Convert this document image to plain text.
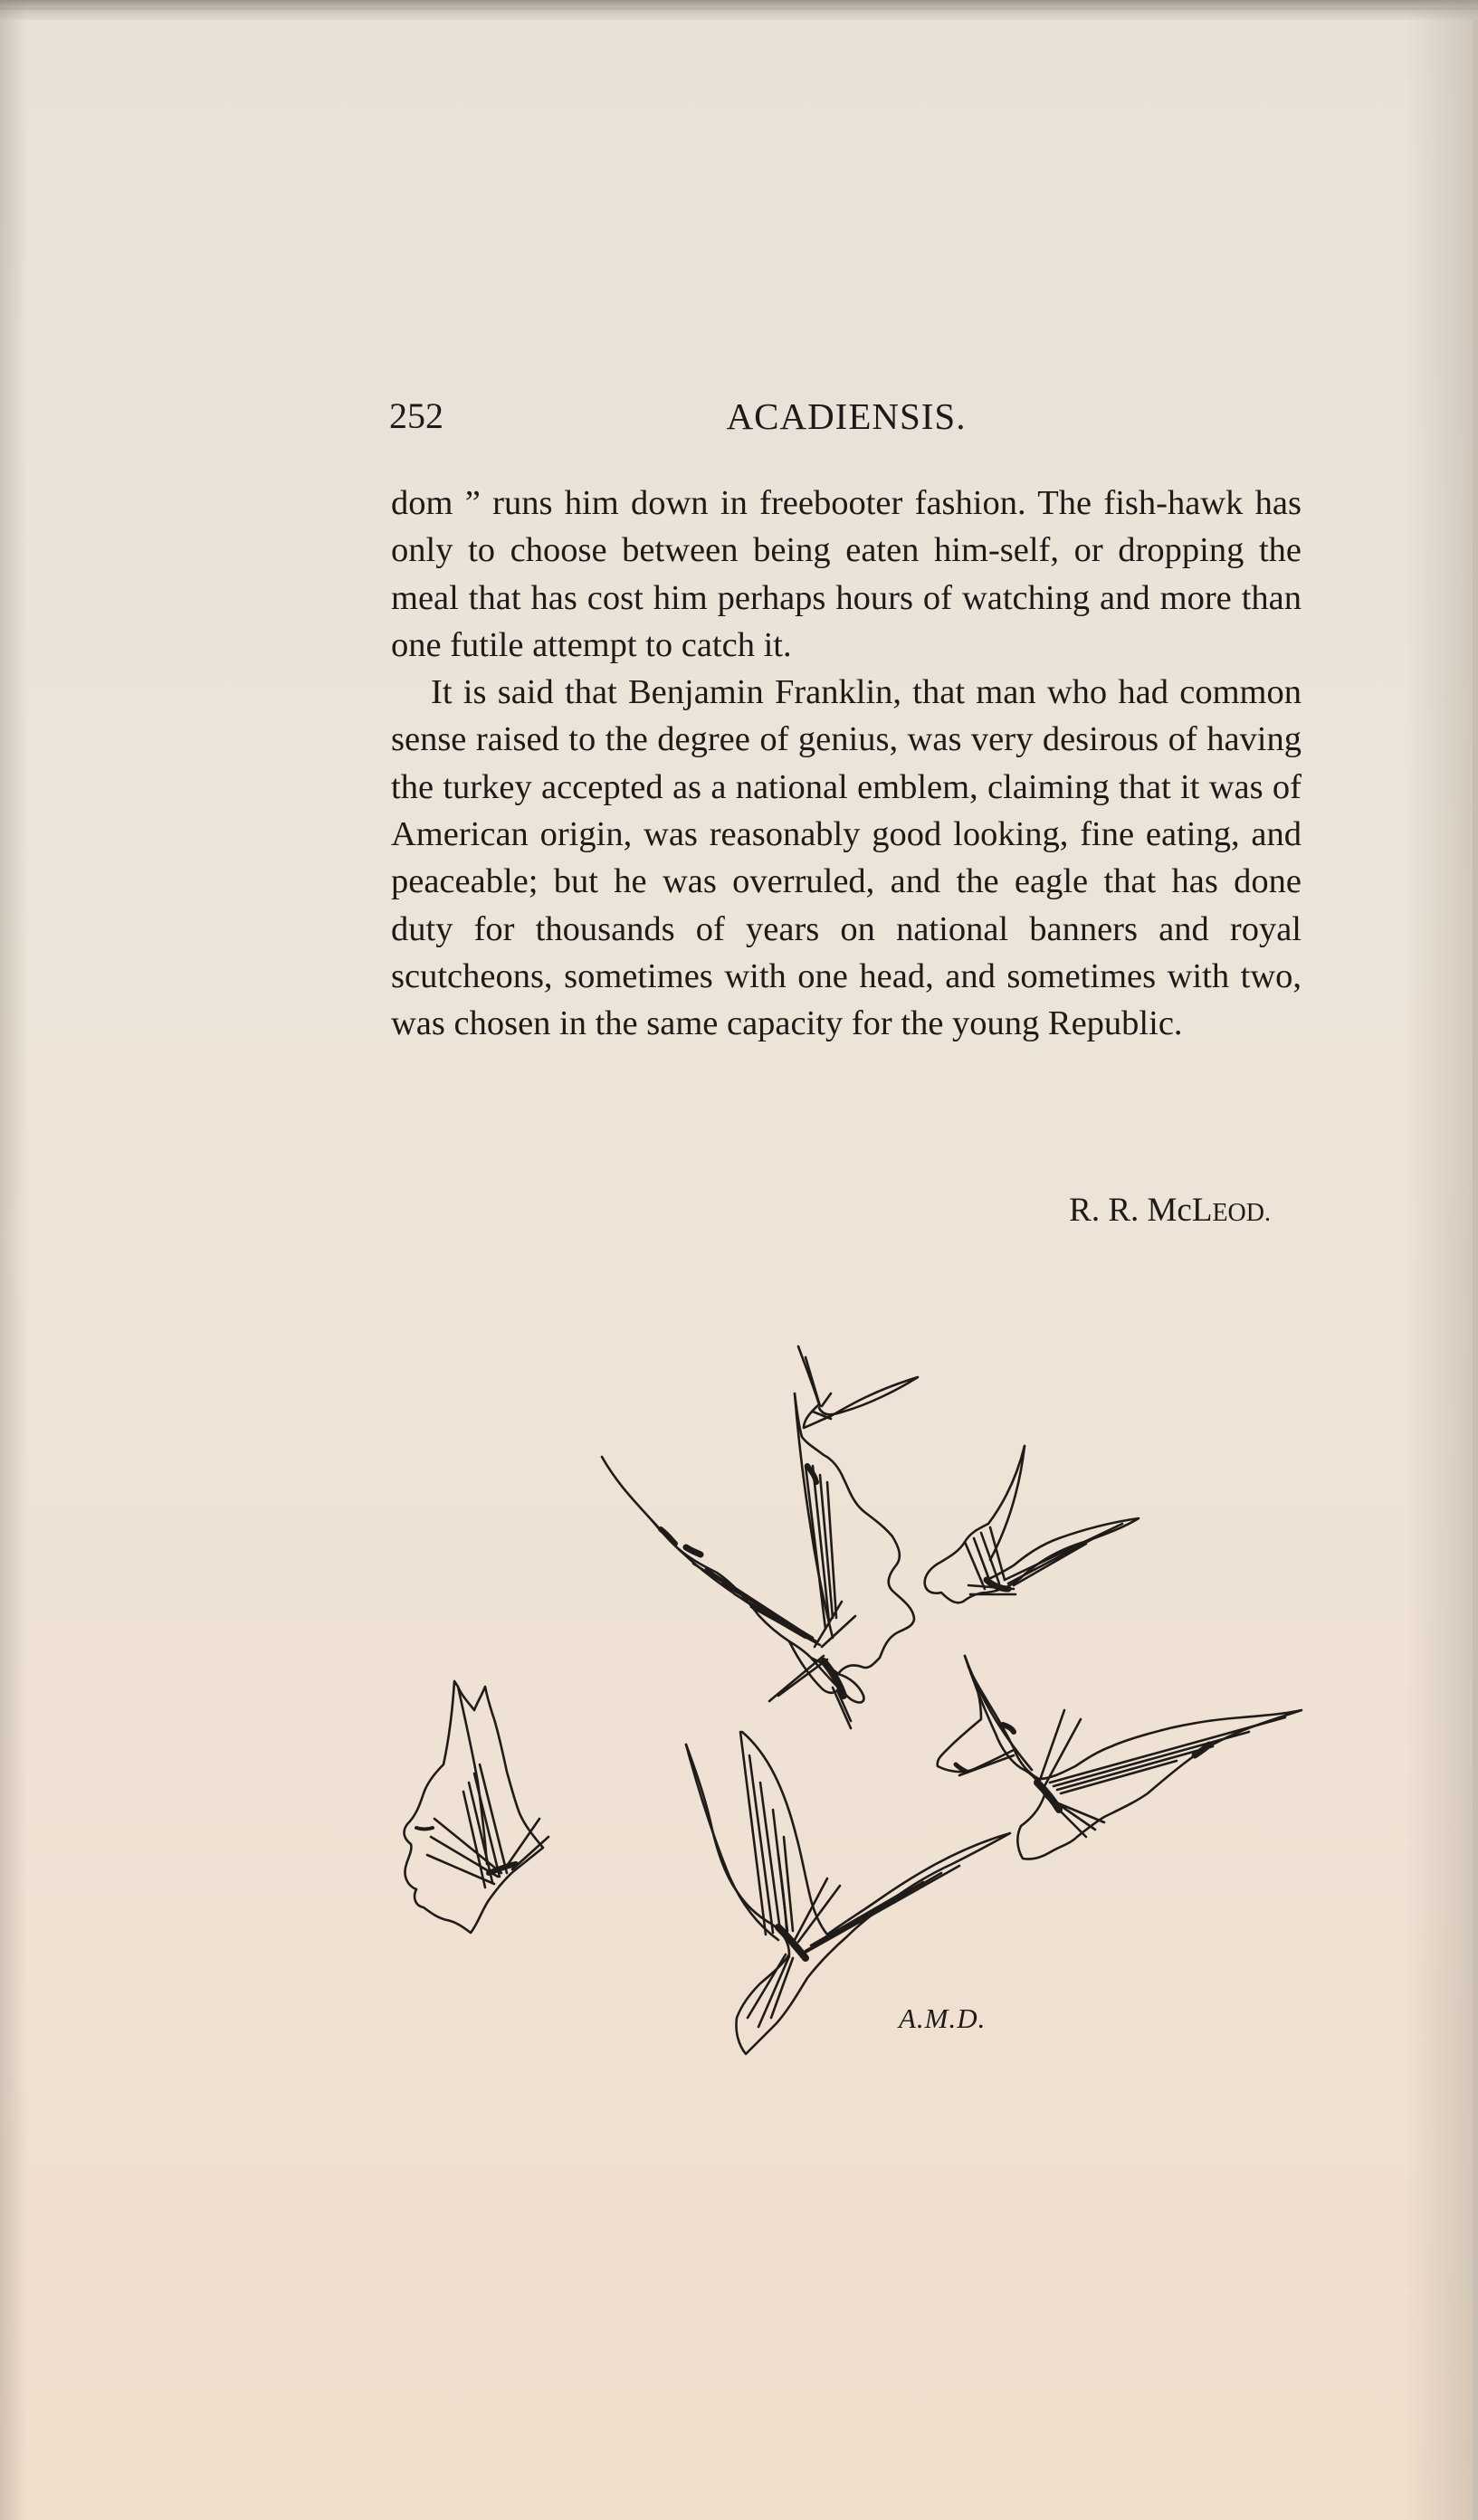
252	ACADIENSIS.

dom ” runs him down in freebooter fashion. The fish-hawk has only to choose between being eaten him-self, or dropping the meal that has cost him perhaps hours of watching and more than one futile attempt to catch it.

It is said that Benjamin Franklin, that man who had common sense raised to the degree of genius, was very desirous of having the turkey accepted as a national emblem, claiming that it was of American origin, was reasonably good looking, fine eating, and peaceable; but he was overruled, and the eagle that has done duty for thousands of years on national banners and royal scutcheons, sometimes with one head, and sometimes with two, was chosen in the same capacity for the young Republic.

R. R. McLEOD.
A.M.D.
